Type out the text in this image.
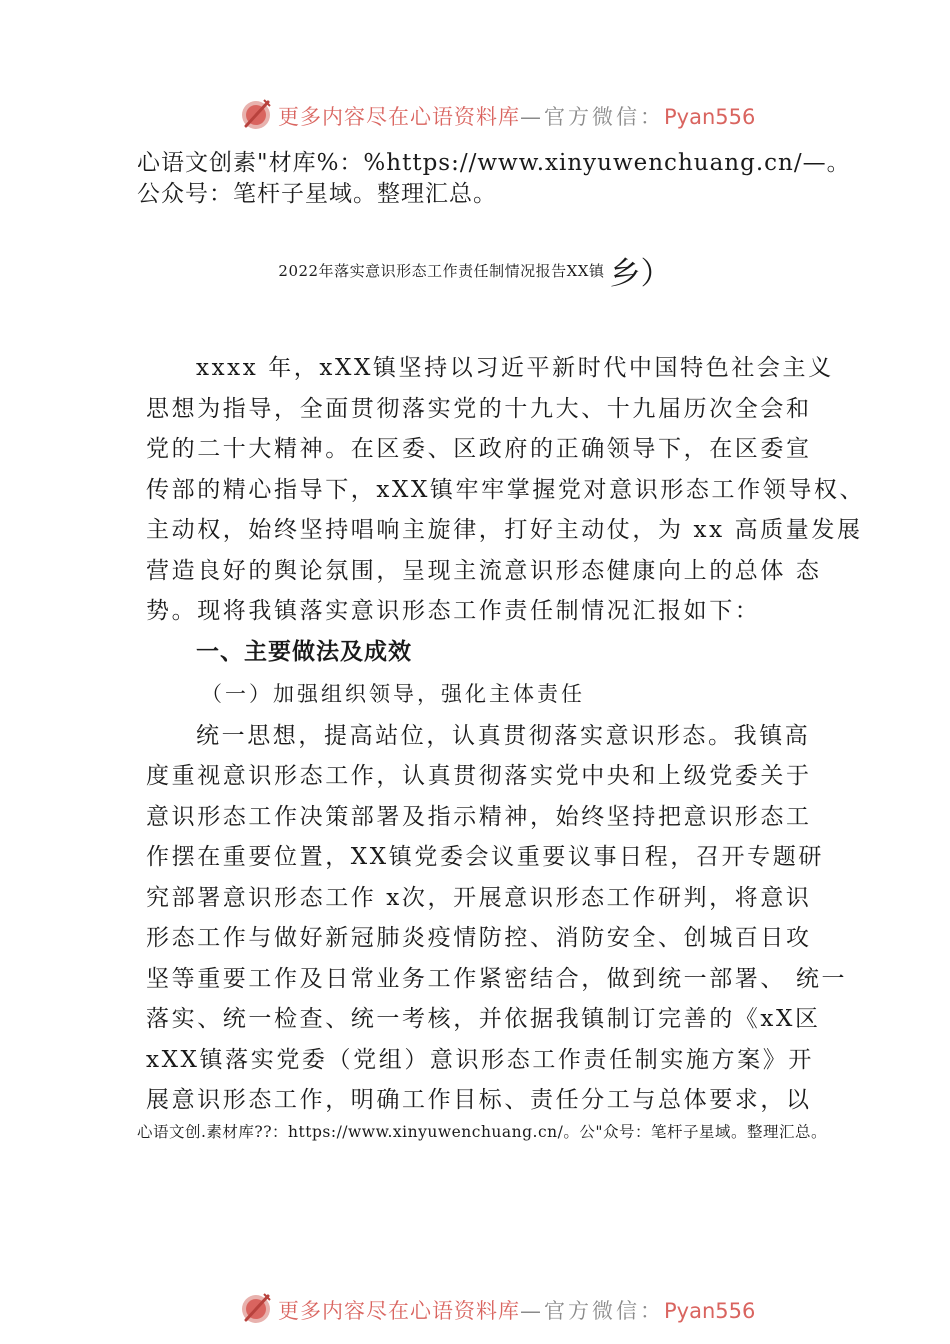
更多内容尽在心语资料库—官方微信：Pyan556
心语文创素"材库%：%https://www.xinyuwenchuang.cn/—。公众号：笔杆子星域。整理汇总。
2022年落实意识形态工作责任制情况报告XX镇 乡）
xxxx 年，xXX镇坚持以习近平新时代中国特色社会主义
思想为指导，全面贯彻落实党的十九大、十九届历次全会和
党的二十大精神。在区委、区政府的正确领导下，在区委宣
传部的精心指导下，xXX镇牢牢掌握党对意识形态工作领导权、
主动权，始终坚持唱响主旋律，打好主动仗，为 xx 高质量发展
营造良好的舆论氛围，呈现主流意识形态健康向上的总体 态
势。现将我镇落实意识形态工作责任制情况汇报如下：
一、主要做法及成效
（一）加强组织领导，强化主体责任
统一思想，提高站位，认真贯彻落实意识形态。我镇高
度重视意识形态工作，认真贯彻落实党中央和上级党委关于
意识形态工作决策部署及指示精神，始终坚持把意识形态工
作摆在重要位置，XX镇党委会议重要议事日程，召开专题研
究部署意识形态工作 x次，开展意识形态工作研判，将意识
形态工作与做好新冠肺炎疫情防控、消防安全、创城百日攻
坚等重要工作及日常业务工作紧密结合，做到统一部署、 统一
落实、统一检查、统一考核，并依据我镇制订完善的《xX区
xXX镇落实党委（党组）意识形态工作责任制实施方案》开
展意识形态工作，明确工作目标、责任分工与总体要求，以
心语文创.素材库??：https://www.xinyuwenchuang.cn/。公"众号：笔杆子星域。整理汇总。
更多内容尽在心语资料库—官方微信：Pyan556
